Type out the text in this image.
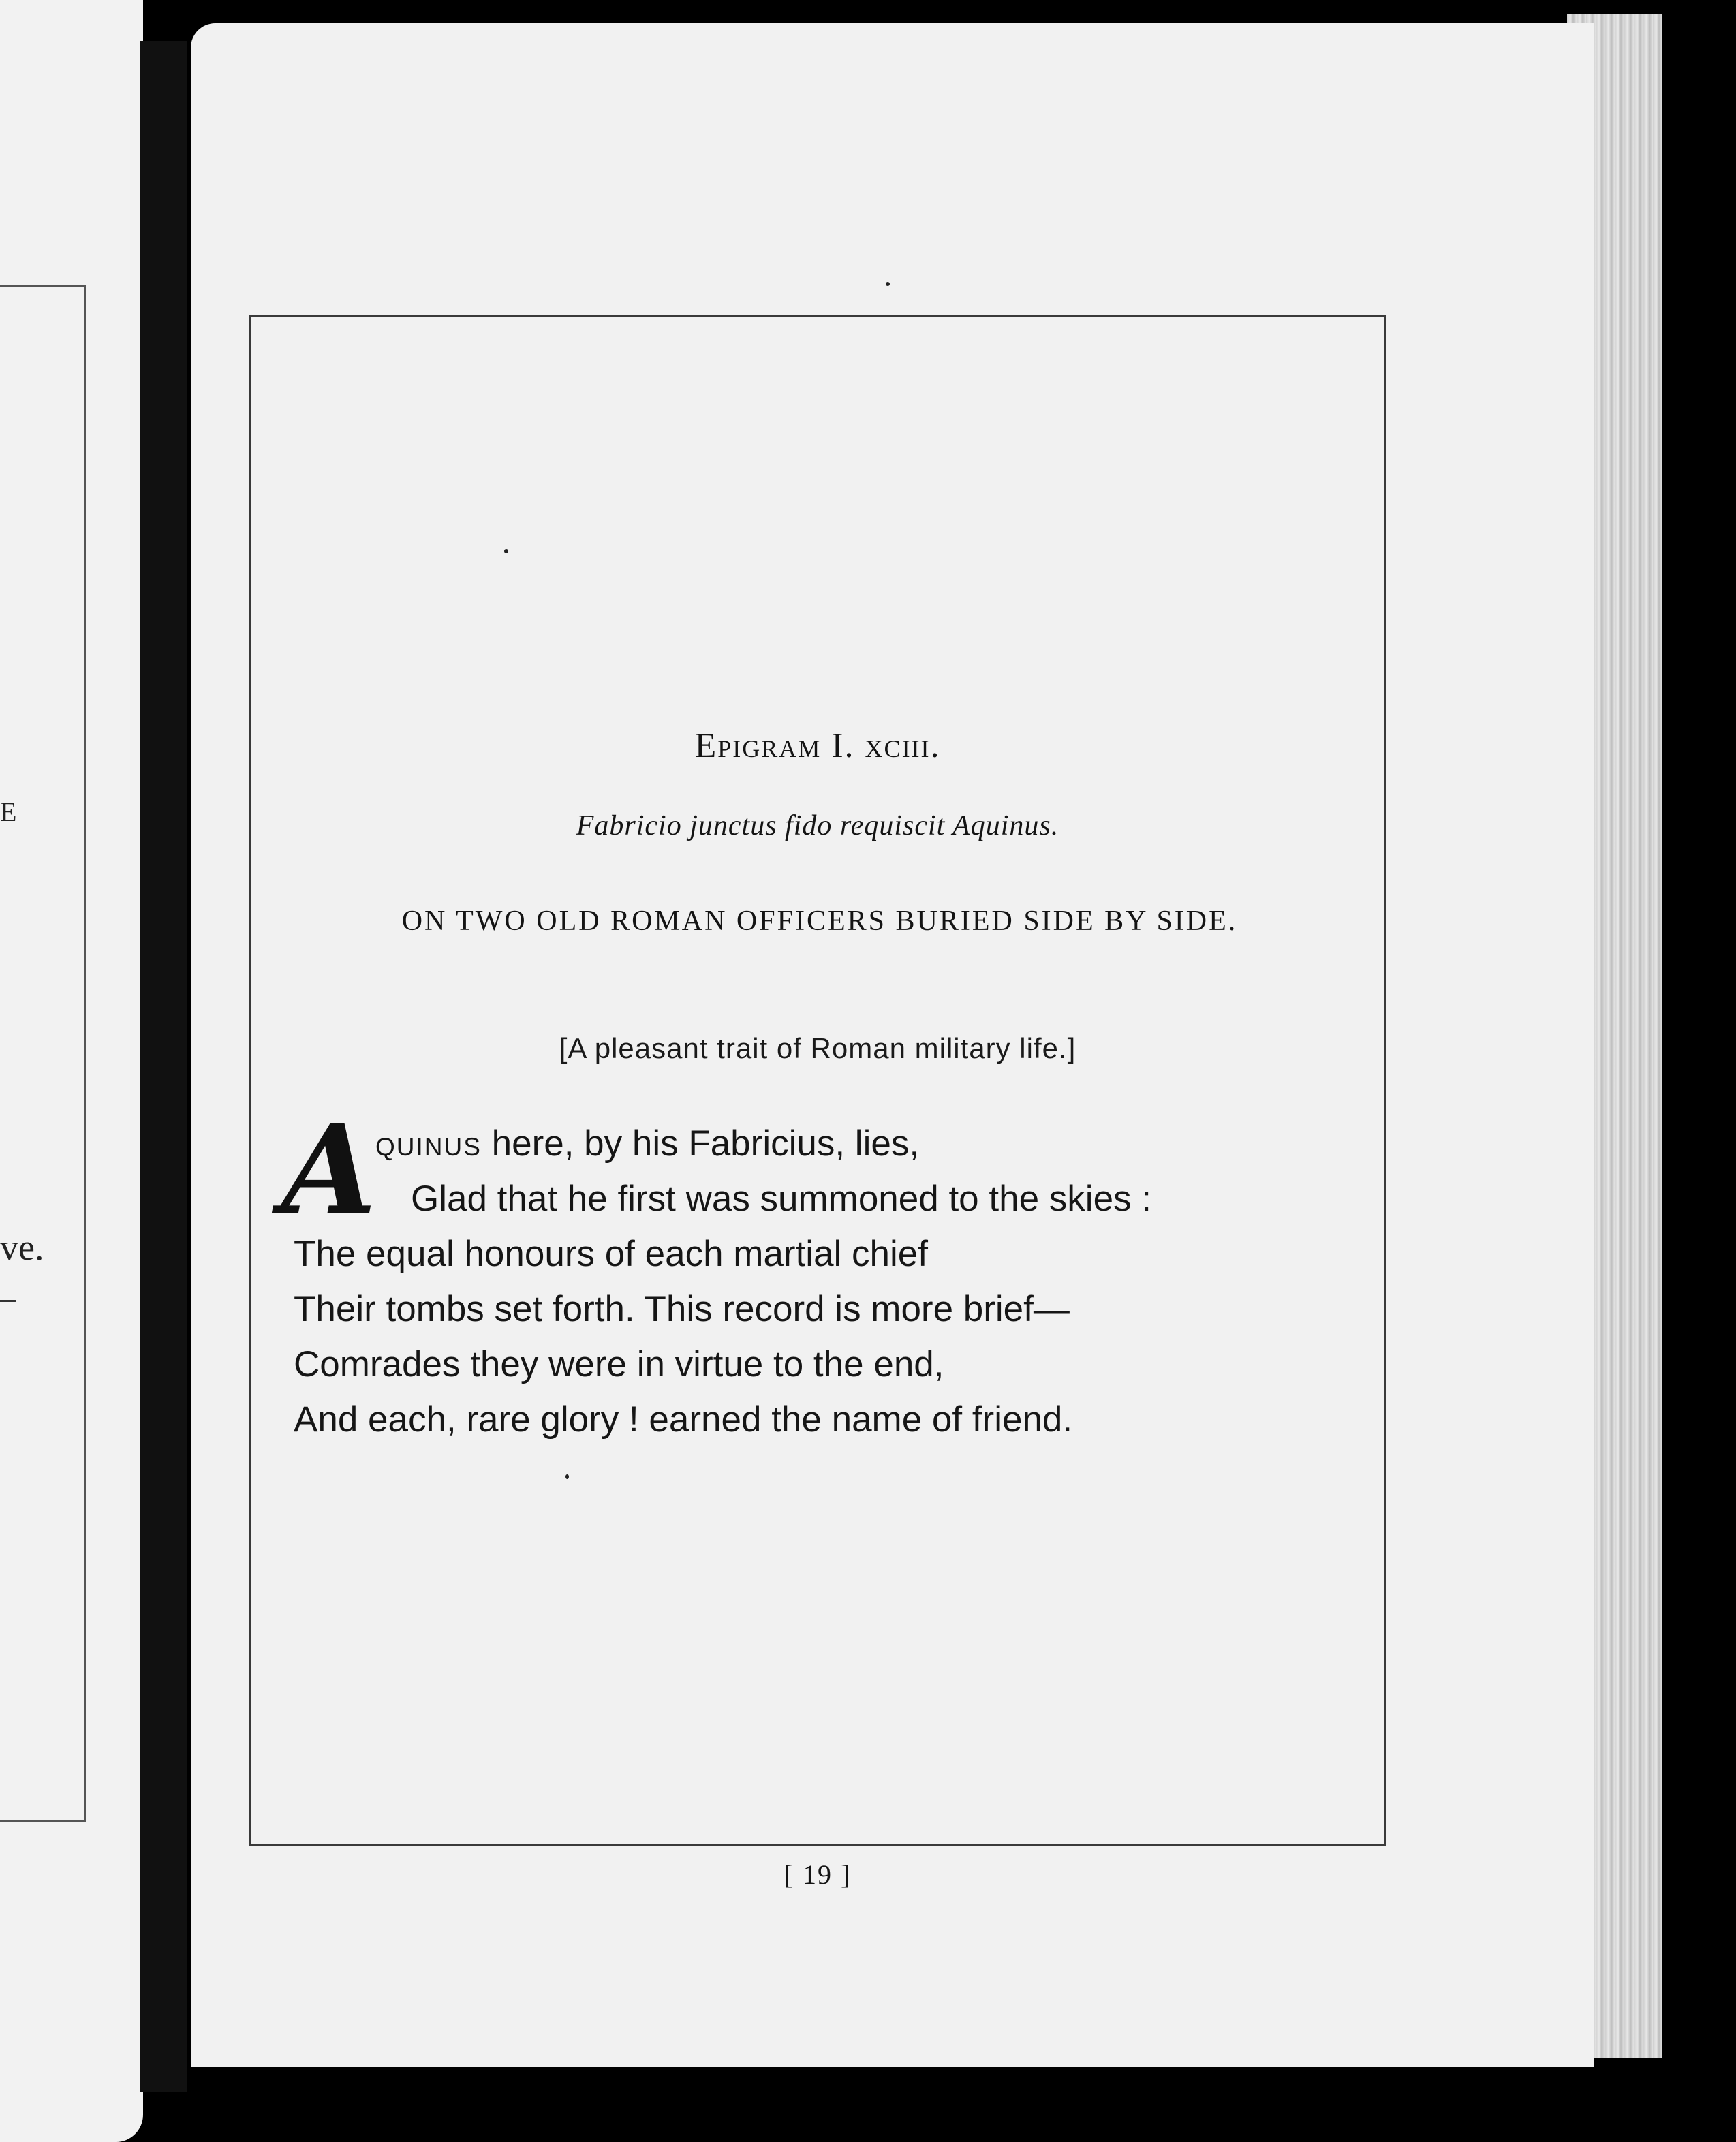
E
ve.
Epigram I. xciii.
Fabricio junctus fido requiscit Aquinus.
ON TWO OLD ROMAN OFFICERS BURIED SIDE BY SIDE.
[A pleasant trait of Roman military life.]
A
quinus here, by his Fabricius, lies,
Glad that he first was summoned to the skies :
The equal honours of each martial chief
Their tombs set forth. This record is more brief—
Comrades they were in virtue to the end,
And each, rare glory ! earned the name of friend.
[ 19 ]
